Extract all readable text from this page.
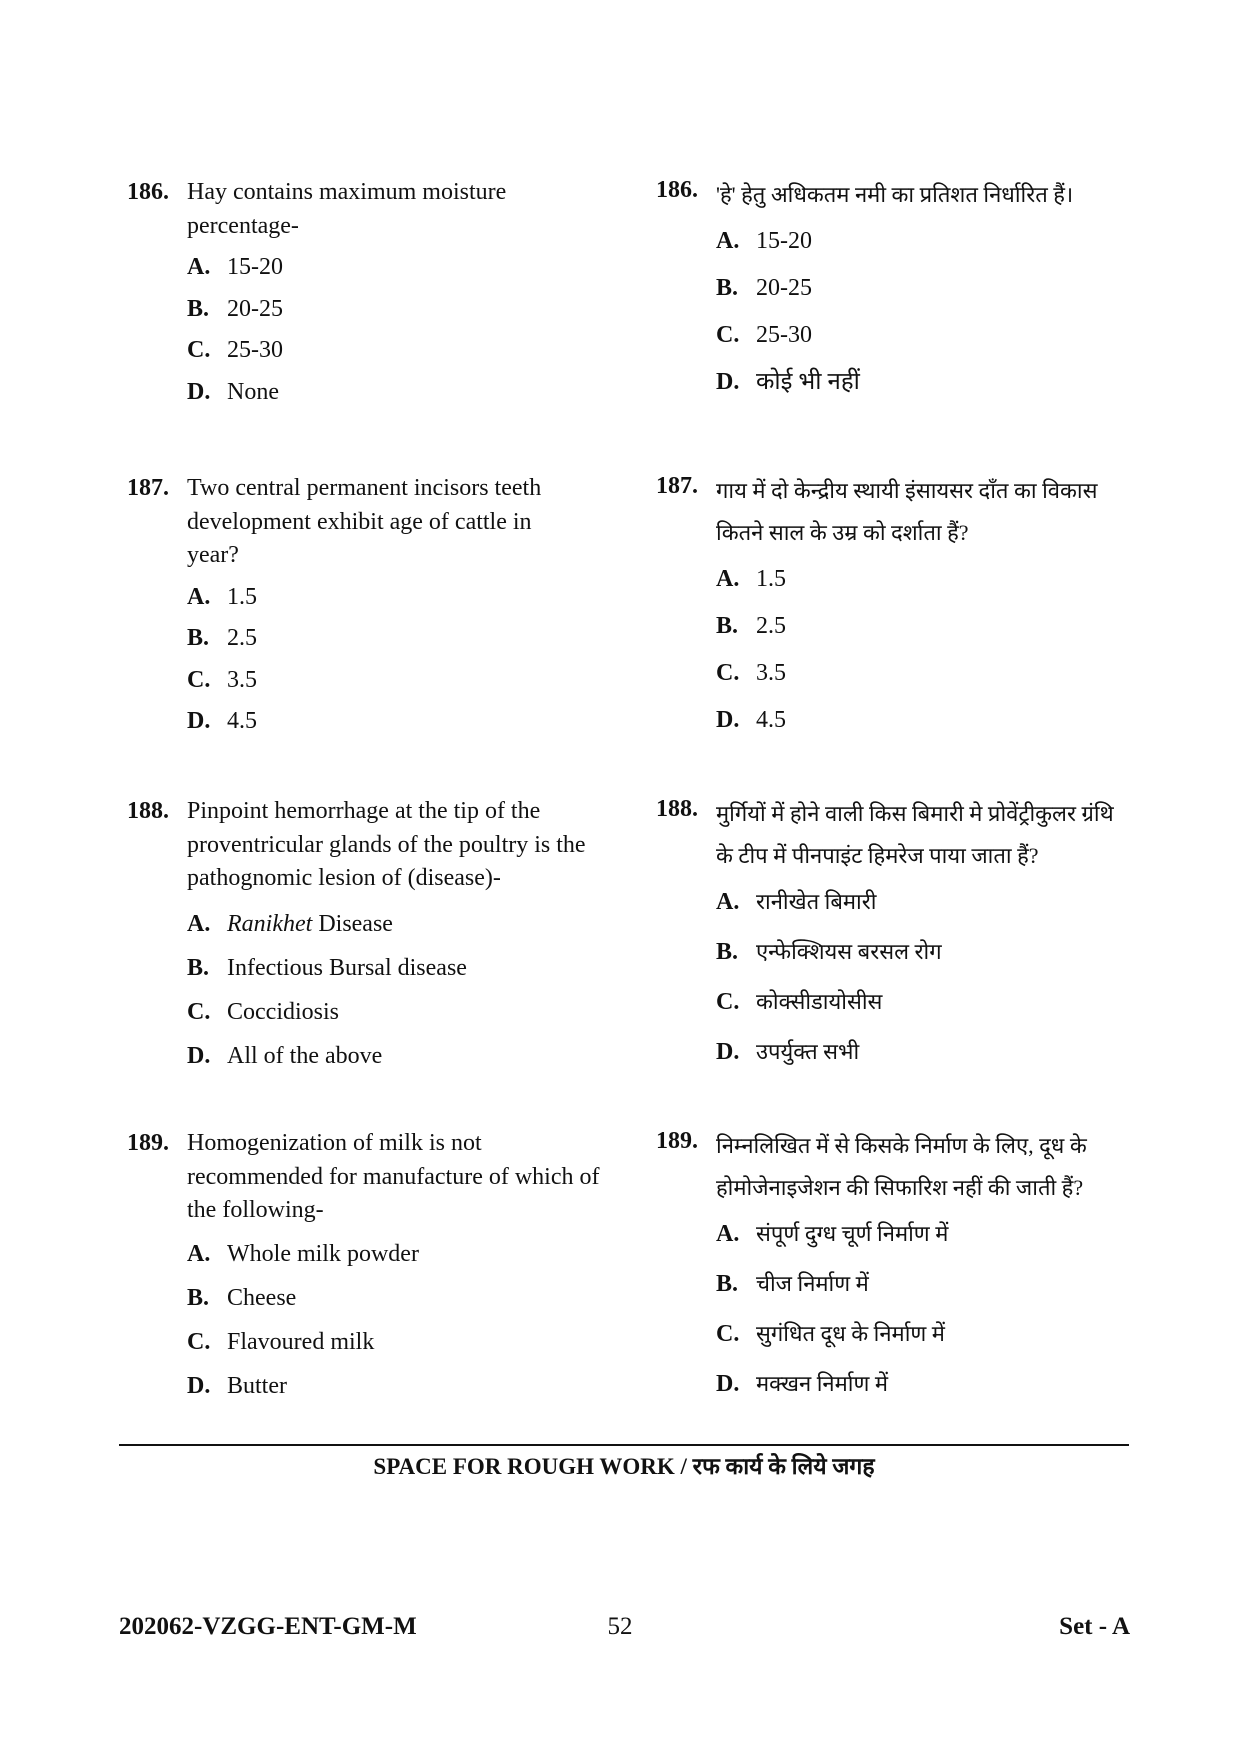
186. Hay contains maximum moisture percentage-
A. 15-20
B. 20-25
C. 25-30
D. None
187. Two central permanent incisors teeth development exhibit age of cattle in year?
A. 1.5
B. 2.5
C. 3.5
D. 4.5
188. Pinpoint hemorrhage at the tip of the proventricular glands of the poultry is the pathognomic lesion of (disease)-
A. Ranikhet Disease
B. Infectious Bursal disease
C. Coccidiosis
D. All of the above
189. Homogenization of milk is not recommended for manufacture of which of the following-
A. Whole milk powder
B. Cheese
C. Flavoured milk
D. Butter
186. 'हे' हेतु अधिकतम नमी का प्रतिशत निर्धारित हैं।
A. 15-20
B. 20-25
C. 25-30
D. कोई भी नहीं
187. गाय में दो केन्द्रीय स्थायी इंसायसर दाँत का विकास कितने साल के उम्र को दर्शाता हैं?
A. 1.5
B. 2.5
C. 3.5
D. 4.5
188. मुर्गियों में होने वाली किस बिमारी मे प्रोवेंट्रीकुलर ग्रंथि के टीप में पीनपाइंट हिमरेज पाया जाता हैं?
A. रानीखेत बिमारी
B. एन्फेक्शियस बरसल रोग
C. कोक्सीडायोसीस
D. उपर्युक्त सभी
189. निम्नलिखित में से किसके निर्माण के लिए, दूध के होमोजेनाइजेशन की सिफारिश नहीं की जाती हैं?
A. संपूर्ण दुग्ध चूर्ण निर्माण में
B. चीज निर्माण में
C. सुगंधित दूध के निर्माण में
D. मक्खन निर्माण में
SPACE FOR ROUGH WORK / रफ कार्य के लिये जगह
202062-VZGG-ENT-GM-M	52	Set - A
